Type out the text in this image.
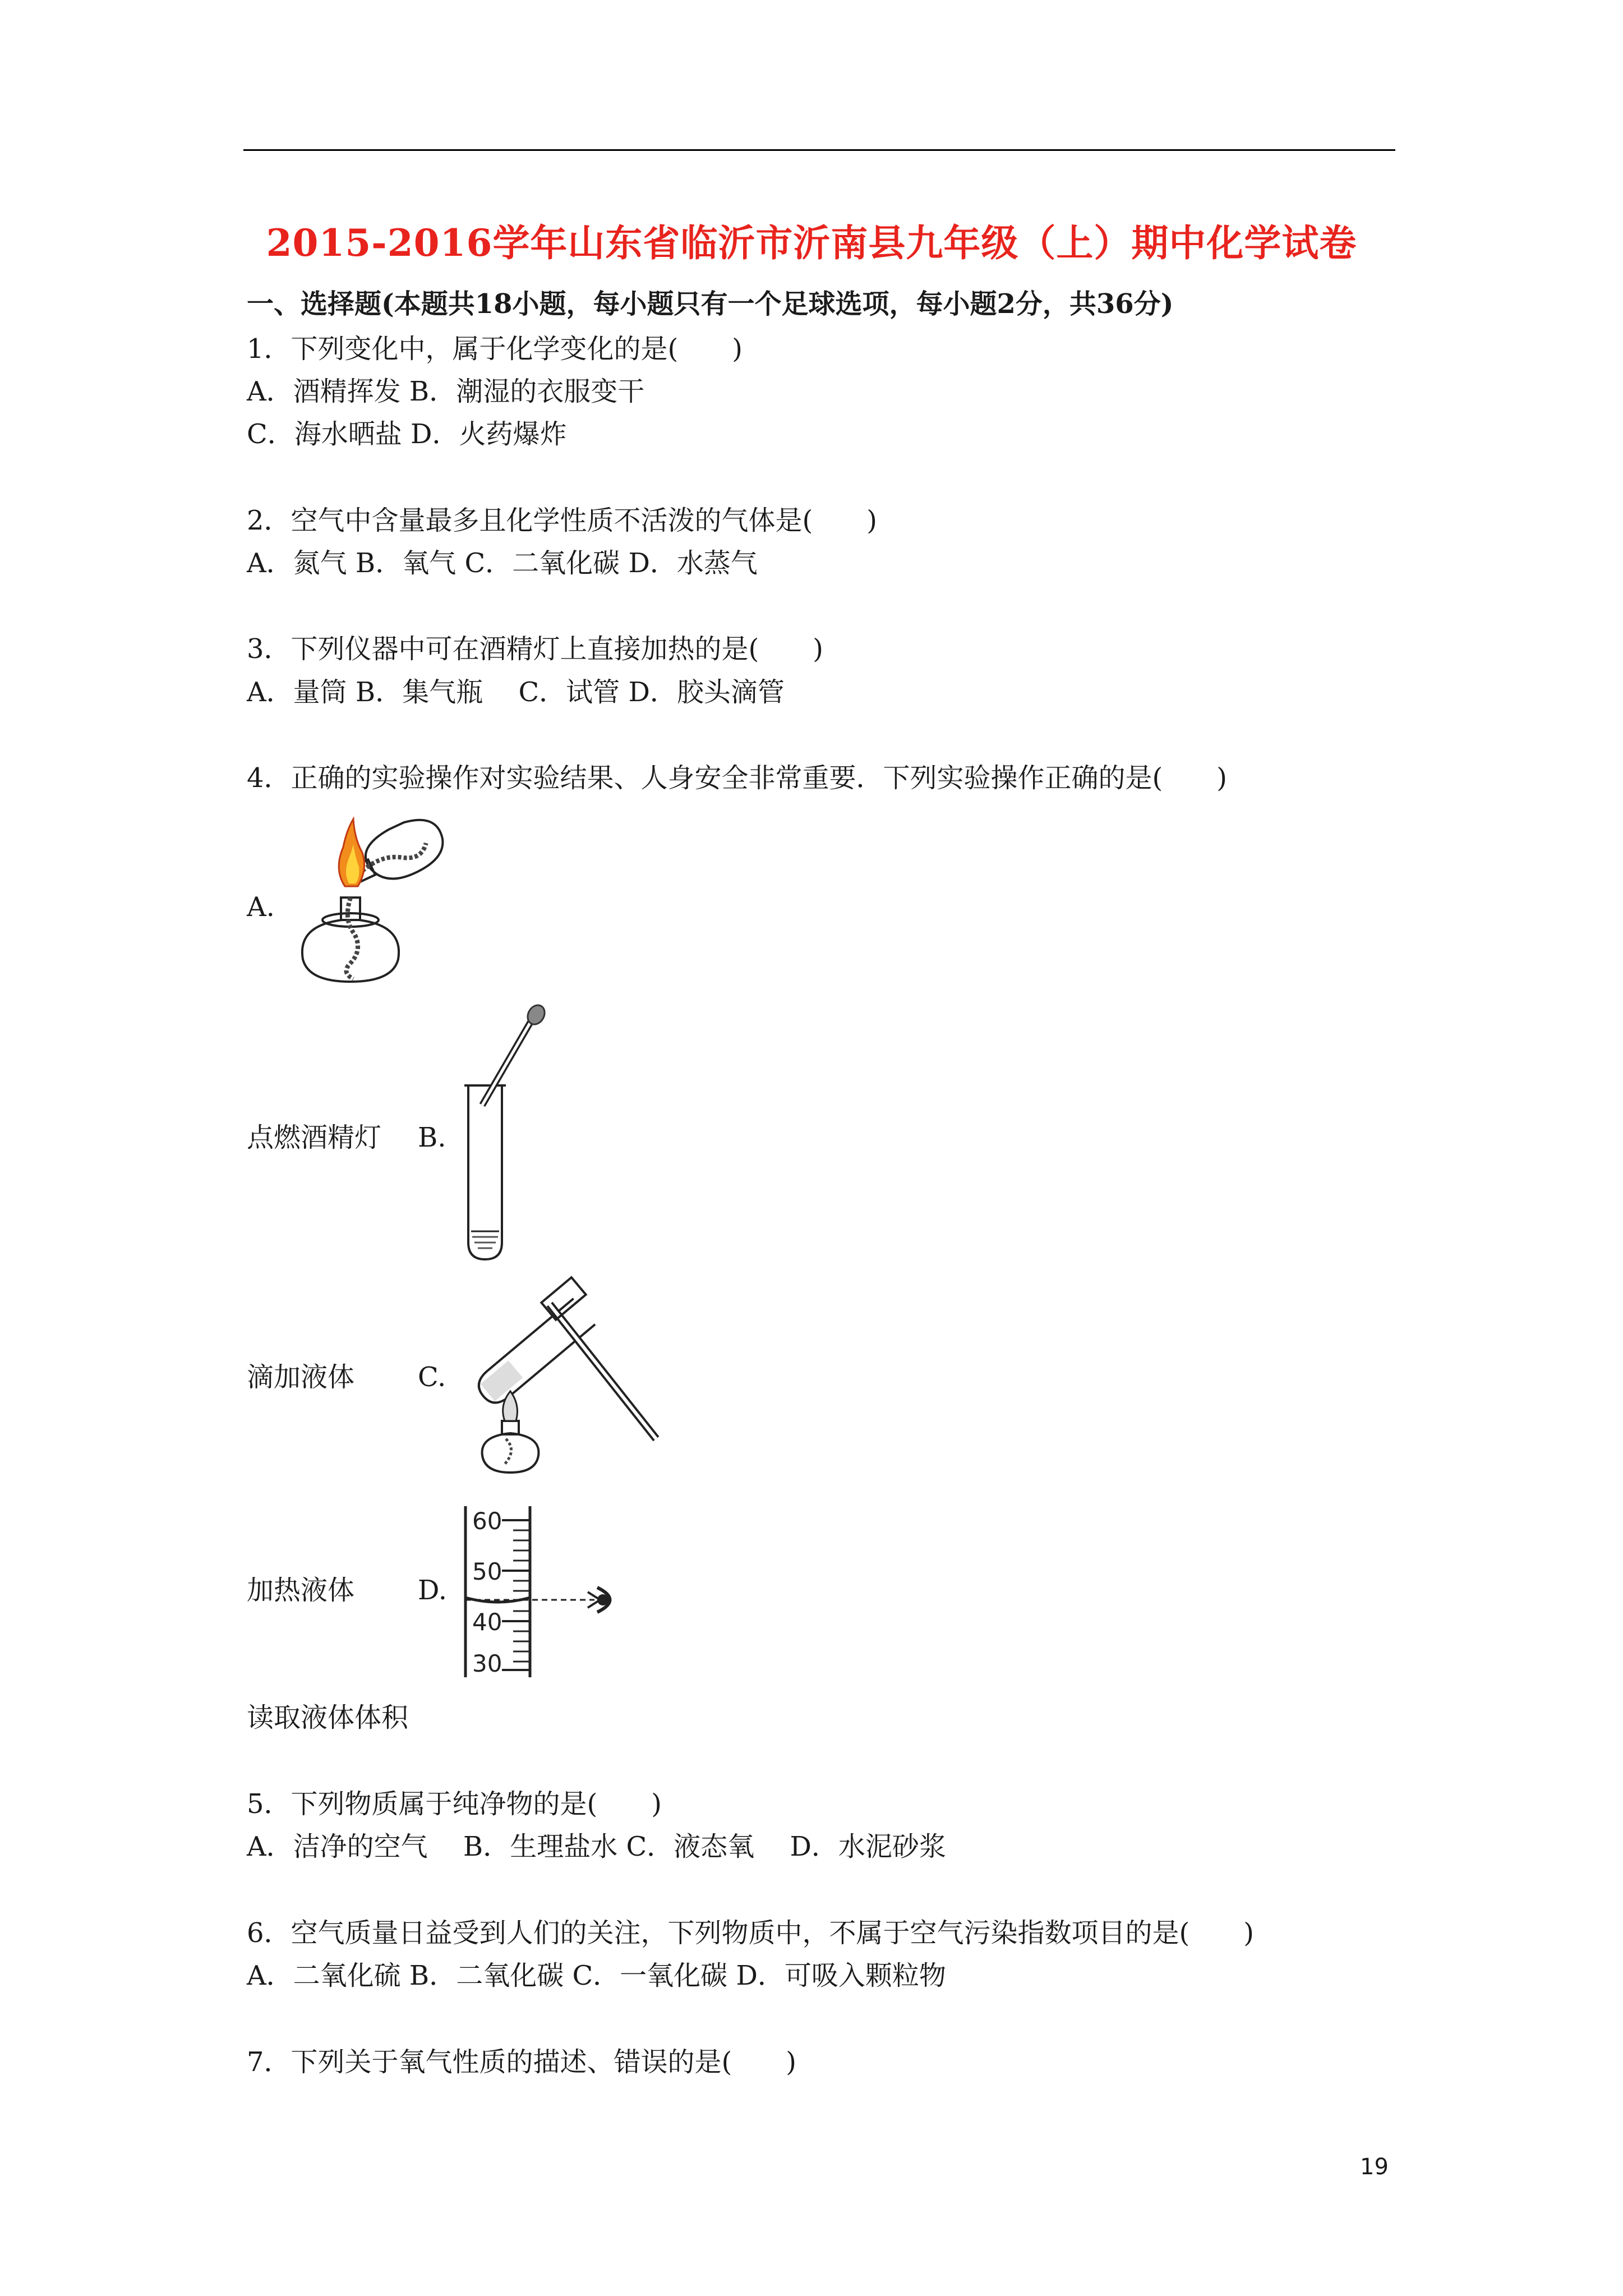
2015-2016学年山东省临沂市沂南县九年级（上）期中化学试卷
一、选择题(本题共18小题，每小题只有一个足球选项，每小题2分，共36分)
1．下列变化中，属于化学变化的是(　　)
A．酒精挥发 B．潮湿的衣服变干
C．海水晒盐 D．火药爆炸
2．空气中含量最多且化学性质不活泼的气体是(　　)
A．氮气 B．氧气 C．二氧化碳 D．水蒸气
3．下列仪器中可在酒精灯上直接加热的是(　　)
A．量筒 B．集气瓶　 C．试管 D．胶头滴管
4．正确的实验操作对实验结果、人身安全非常重要．下列实验操作正确的是(　　)
A.
点燃酒精灯 B.
滴加液体 C.
加热液体 D.
60
50
40
30
读取液体体积
5．下列物质属于纯净物的是(　　)
A．洁净的空气　 B．生理盐水 C．液态氧　 D．水泥砂浆
6．空气质量日益受到人们的关注，下列物质中，不属于空气污染指数项目的是(　　)
A．二氧化硫 B．二氧化碳 C．一氧化碳 D．可吸入颗粒物
7．下列关于氧气性质的描述、错误的是(　　)
19
